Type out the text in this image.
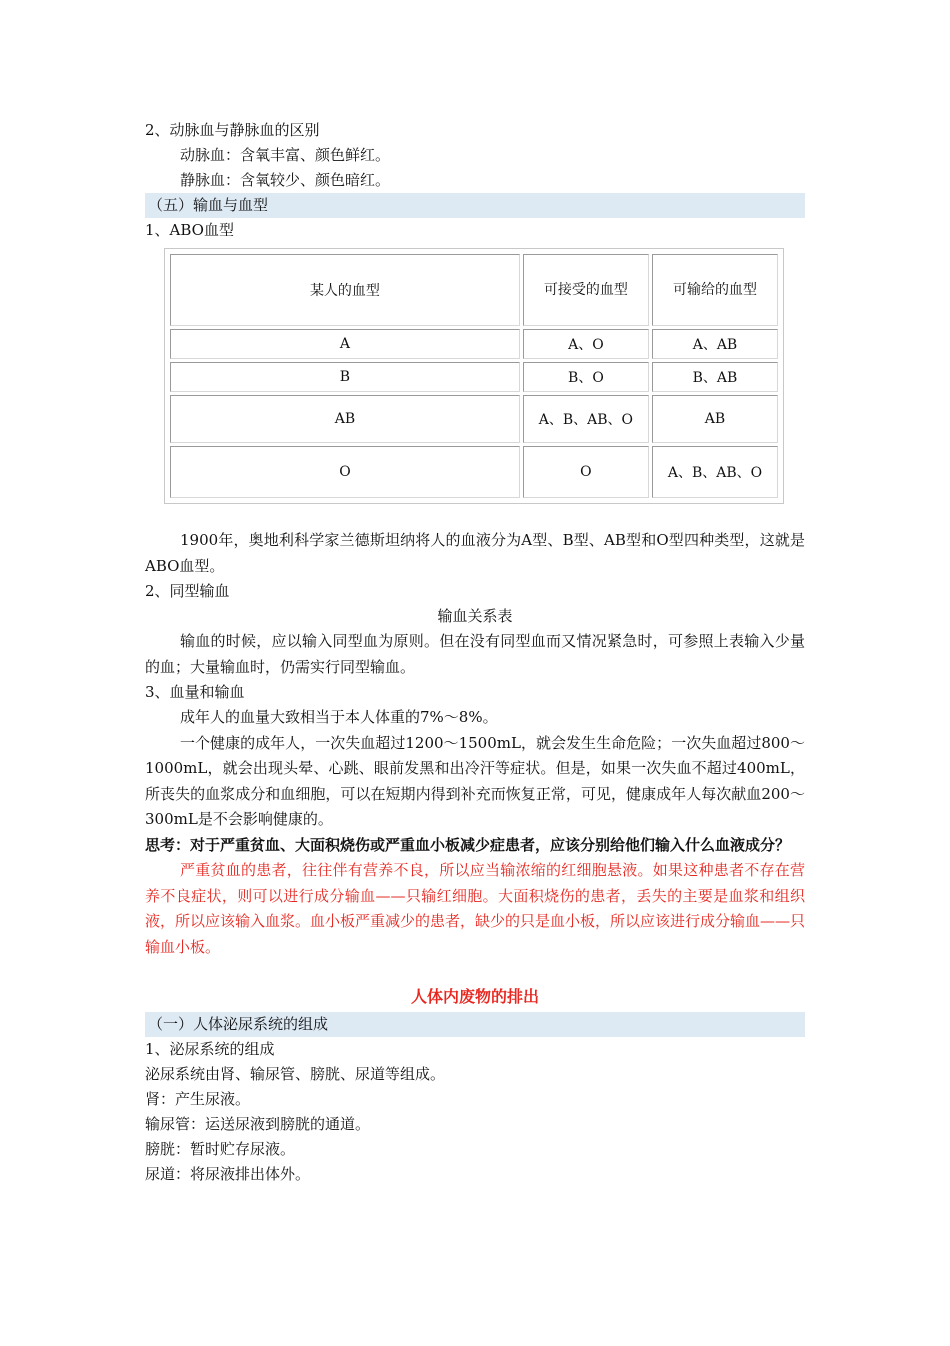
2、动脉血与静脉血的区别
动脉血：含氧丰富、颜色鲜红。
静脉血：含氧较少、颜色暗红。
（五）输血与血型
1、ABO血型
某人的血型	可接受的血型	可输给的血型
A	A、O	A、AB
B	B、O	B、AB
AB	A、B、AB、O	AB
O	O	A、B、AB、O

1900年，奥地利科学家兰德斯坦纳将人的血液分为A型、B型、AB型和O型四种类型，这就是ABO血型。

2、同型输血
输血关系表

输血的时候，应以输入同型血为原则。但在没有同型血而又情况紧急时，可参照上表输入少量的血；大量输血时，仍需实行同型输血。

3、血量和输血

成年人的血量大致相当于本人体重的7%～8%。

一个健康的成年人，一次失血超过1200～1500mL，就会发生生命危险；一次失血超过800～1000mL，就会出现头晕、心跳、眼前发黑和出冷汗等症状。但是，如果一次失血不超过400mL，所丧失的血浆成分和血细胞，可以在短期内得到补充而恢复正常，可见，健康成年人每次献血200～300mL是不会影响健康的。

思考：对于严重贫血、大面积烧伤或严重血小板减少症患者，应该分别给他们输入什么血液成分？

严重贫血的患者，往往伴有营养不良，所以应当输浓缩的红细胞悬液。如果这种患者不存在营养不良症状，则可以进行成分输血——只输红细胞。大面积烧伤的患者，丢失的主要是血浆和组织液，所以应该输入血浆。血小板严重减少的患者，缺少的只是血小板，所以应该进行成分输血——只输血小板。

人体内废物的排出
（一）人体泌尿系统的组成
1、泌尿系统的组成
泌尿系统由肾、输尿管、膀胱、尿道等组成。
肾：产生尿液。
输尿管：运送尿液到膀胱的通道。
膀胱：暂时贮存尿液。
尿道：将尿液排出体外。
